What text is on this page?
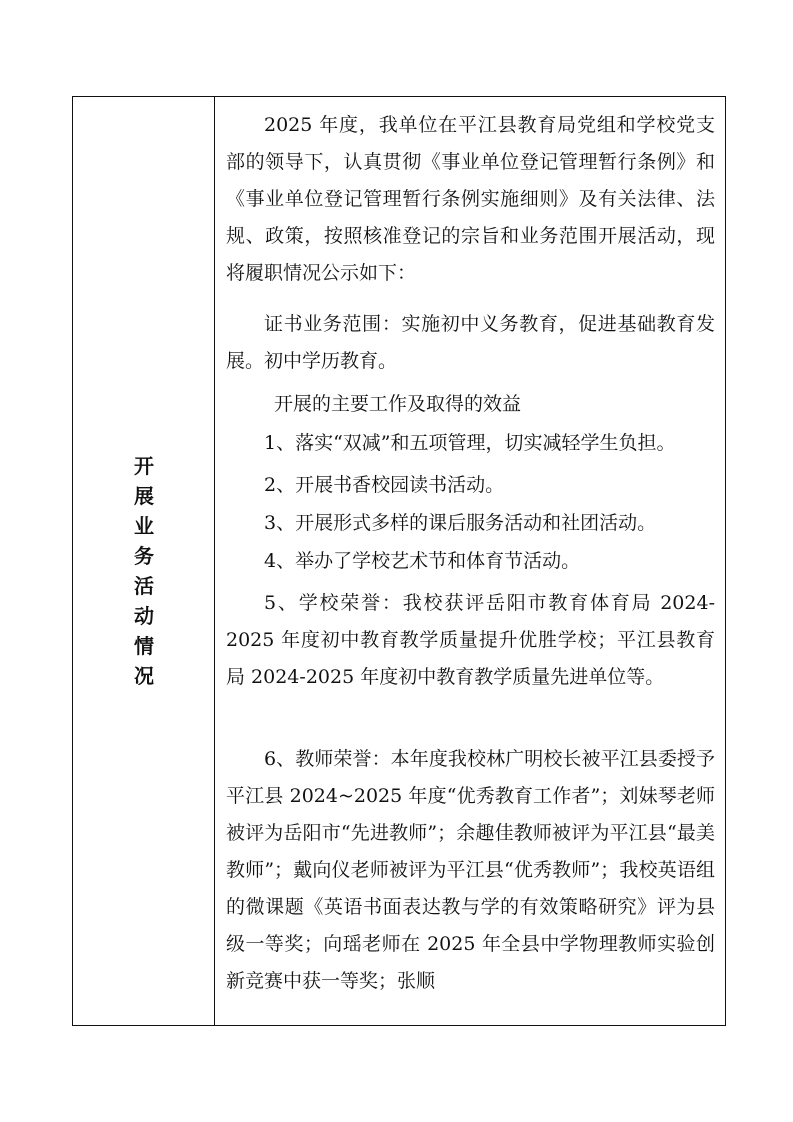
开
展
业
务
活
动
情
况

2025 年度，我单位在平江县教育局党组和学校党支部的领导下，认真贯彻《事业单位登记管理暂行条例》和《事业单位登记管理暂行条例实施细则》及有关法律、法规、政策，按照核准登记的宗旨和业务范围开展活动，现将履职情况公示如下：

证书业务范围：实施初中义务教育，促进基础教育发展。初中学历教育。

开展的主要工作及取得的效益

1、落实“双减”和五项管理，切实减轻学生负担。

2、开展书香校园读书活动。

3、开展形式多样的课后服务活动和社团活动。

4、举办了学校艺术节和体育节活动。

5、学校荣誉：我校获评岳阳市教育体育局 2024-2025 年度初中教育教学质量提升优胜学校；平江县教育局 2024-2025 年度初中教育教学质量先进单位等。

6、教师荣誉：本年度我校林广明校长被平江县委授予平江县 2024~2025 年度“优秀教育工作者”；刘妹琴老师被评为岳阳市“先进教师”；余趣佳教师被评为平江县“最美教师”；戴向仪老师被评为平江县“优秀教师”；我校英语组的微课题《英语书面表达教与学的有效策略研究》评为县级一等奖；向瑶老师在 2025 年全县中学物理教师实验创新竞赛中获一等奖；张顺
